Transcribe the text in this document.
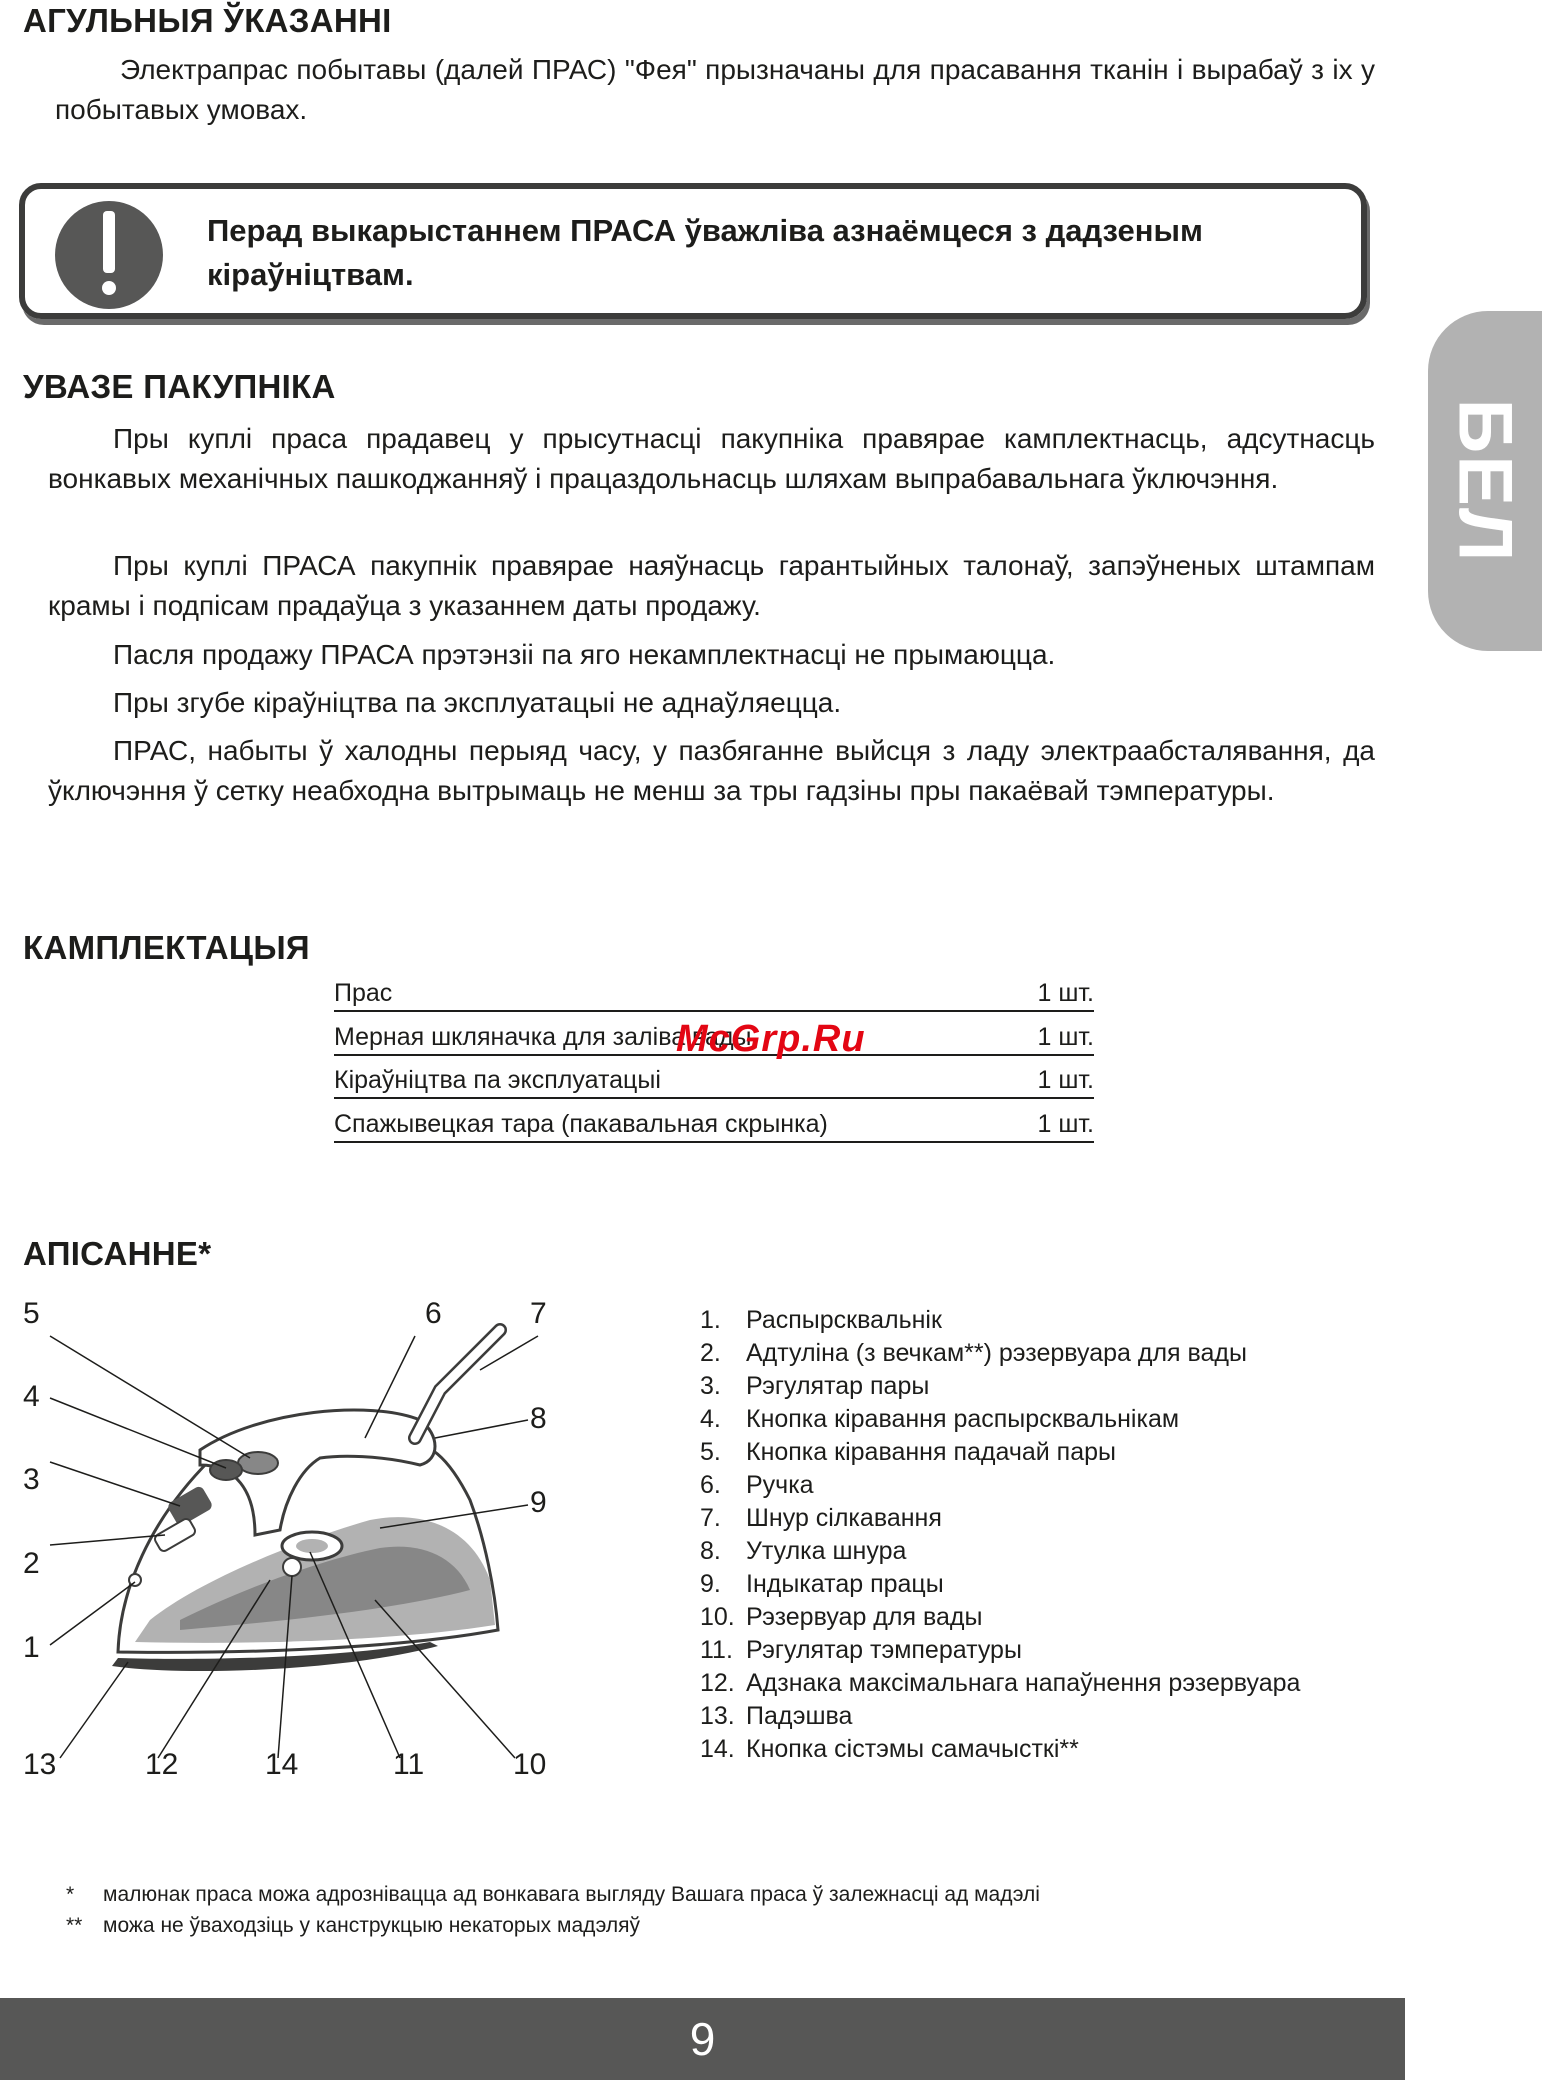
АГУЛЬНЫЯ ЎКАЗАННІ

Электрапрас побытавы (далей ПРАС) "Фея" прызначаны для прасавання тканін і вырабаў з іх у побытавых умовах.

Перад выкарыстаннем ПРАСА ўважліва азнаёмцеся з дадзеным кіраўніцтвам.
БЕЛ
УВАЗЕ ПАКУПНІКА

Пры куплі праса прадавец у прысутнасці пакупніка правярае камплектнасць, адсутнасць вонкавых механічных пашкоджанняў і працаздольнасць шляхам выпрабавальнага ўключэння.

Пры куплі ПРАСА пакупнік правярае наяўнасць гарантыйных талонаў, запэўненых штампам крамы і подпісам прадаўца з указаннем даты продажу.

Пасля продажу ПРАСА прэтэнзіі па яго некамплектнасці не прымаюцца.

Пры згубе кіраўніцтва па эксплуатацыі не аднаўляецца.

ПРАС, набыты ў халодны перыяд часу, у пазбяганне выйсця з ладу электраабсталявання, да ўключэння ў сетку неабходна вытрымаць не менш за тры гадзіны пры пакаёвай тэмпературы.

КАМПЛЕКТАЦЫЯ
Прас	1 шт.
Мерная шкляначка для заліва вады	1 шт.
Кіраўніцтва па эксплуатацыі	1 шт.
Спажывецкая тара (пакавальная скрынка)	1 шт.
McGrp.Ru
АПІСАННЕ*
5
4
3
2
1
6	7
8
9
13	12	14	11	10
1. Распырсквальнік
2. Адтуліна (з вечкам**) рэзервуара для вады
3. Рэгулятар пары
4. Кнопка кіравання распырсквальнікам
5. Кнопка кіравання падачай пары
6. Ручка
7. Шнур сілкавання
8. Утулка шнура
9. Індыкатар працы
10. Рэзервуар для вады
11. Рэгулятар тэмпературы
12. Адзнака максімальнага напаўнення рэзервуара
13. Падэшва
14. Кнопка сістэмы самачысткі**
* малюнак праса можа адрознівацца ад вонкавага выгляду Вашага праса ў залежнасці ад мадэлі
** можа не ўваходзіць у канструкцыю некаторых мадэляў
9
